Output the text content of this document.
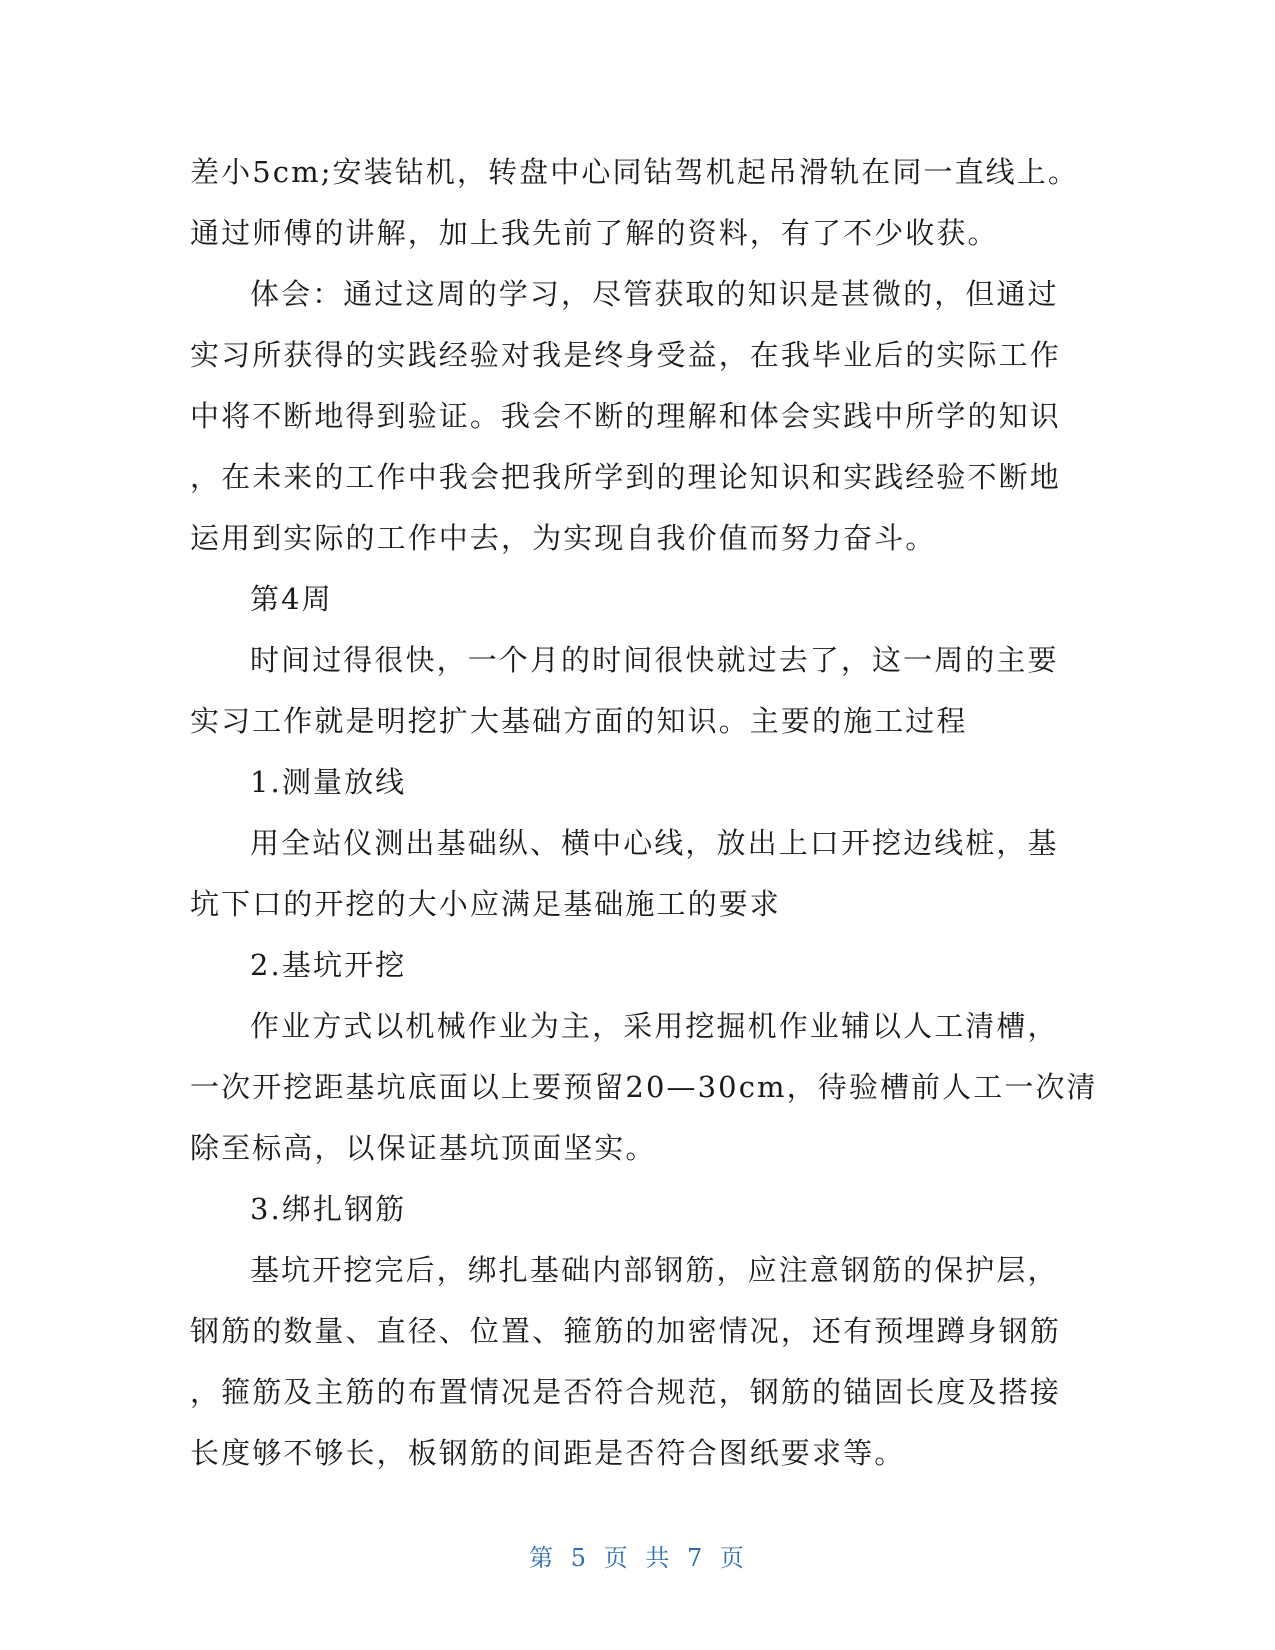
差小5cm;安装钻机，转盘中心同钻驾机起吊滑轨在同一直线上。
通过师傅的讲解，加上我先前了解的资料，有了不少收获。
体会：通过这周的学习，尽管获取的知识是甚微的，但通过
实习所获得的实践经验对我是终身受益，在我毕业后的实际工作
中将不断地得到验证。我会不断的理解和体会实践中所学的知识
，在未来的工作中我会把我所学到的理论知识和实践经验不断地
运用到实际的工作中去，为实现自我价值而努力奋斗。
第4周
时间过得很快，一个月的时间很快就过去了，这一周的主要
实习工作就是明挖扩大基础方面的知识。主要的施工过程
1.测量放线
用全站仪测出基础纵、横中心线，放出上口开挖边线桩，基
坑下口的开挖的大小应满足基础施工的要求
2.基坑开挖
作业方式以机械作业为主，采用挖掘机作业辅以人工清槽，
一次开挖距基坑底面以上要预留20—30cm，待验槽前人工一次清
除至标高，以保证基坑顶面坚实。
3.绑扎钢筋
基坑开挖完后，绑扎基础内部钢筋，应注意钢筋的保护层，
钢筋的数量、直径、位置、箍筋的加密情况，还有预埋蹲身钢筋
，箍筋及主筋的布置情况是否符合规范，钢筋的锚固长度及搭接
长度够不够长，板钢筋的间距是否符合图纸要求等。
第 5 页 共 7 页
